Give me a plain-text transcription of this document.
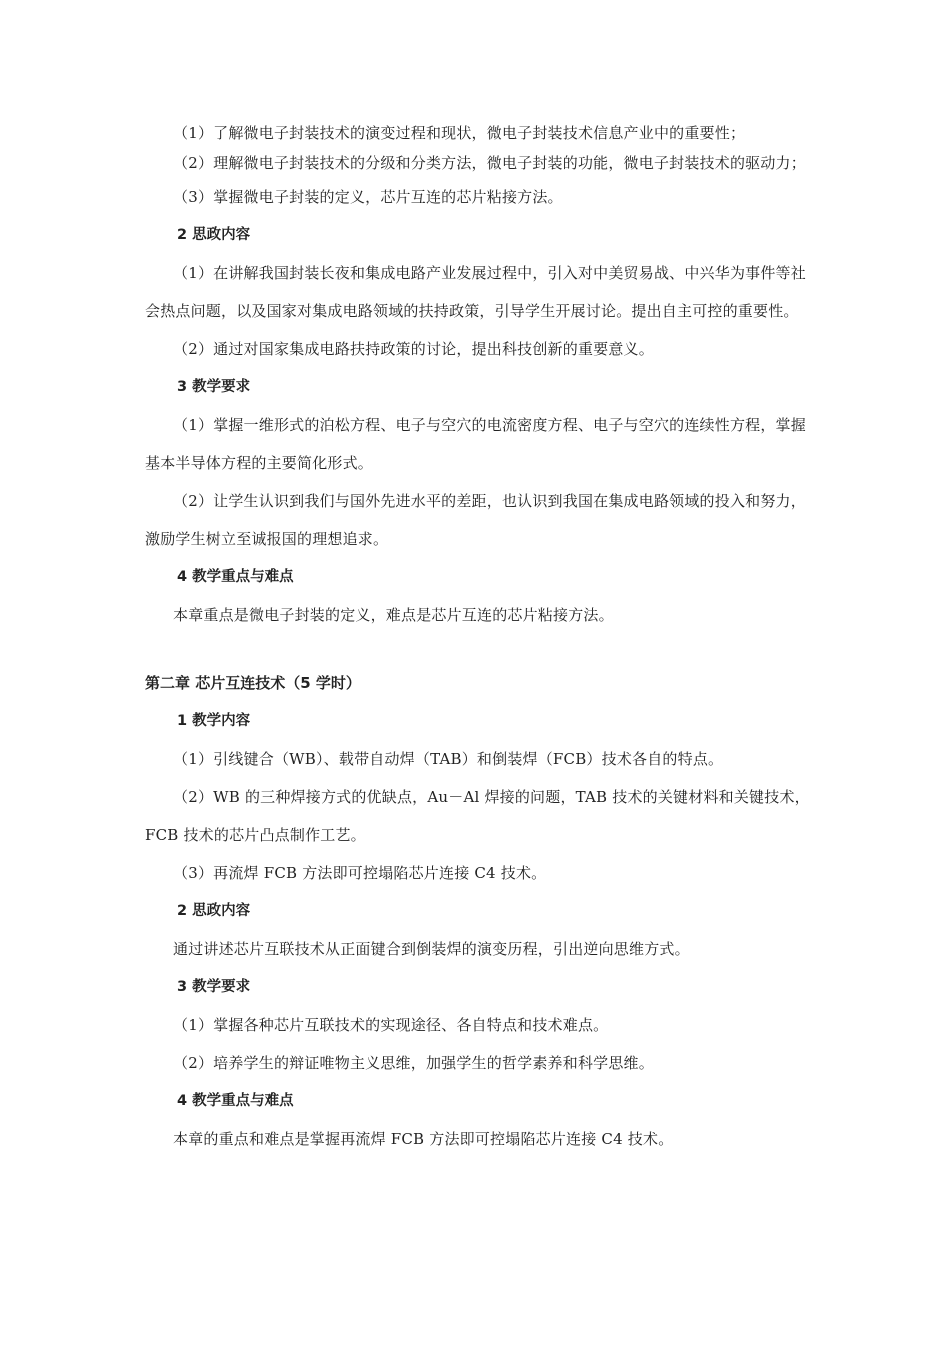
（1）了解微电子封装技术的演变过程和现状，微电子封装技术信息产业中的重要性；

（2）理解微电子封装技术的分级和分类方法，微电子封装的功能，微电子封装技术的驱动力；

（3）掌握微电子封装的定义，芯片互连的芯片粘接方法。

2 思政内容

（1）在讲解我国封装长夜和集成电路产业发展过程中，引入对中美贸易战、中兴华为事件等社会热点问题，以及国家对集成电路领域的扶持政策，引导学生开展讨论。提出自主可控的重要性。

（2）通过对国家集成电路扶持政策的讨论，提出科技创新的重要意义。

3 教学要求

（1）掌握一维形式的泊松方程、电子与空穴的电流密度方程、电子与空穴的连续性方程，掌握基本半导体方程的主要简化形式。

（2）让学生认识到我们与国外先进水平的差距，也认识到我国在集成电路领域的投入和努力，激励学生树立至诚报国的理想追求。

4 教学重点与难点

本章重点是微电子封装的定义，难点是芯片互连的芯片粘接方法。

第二章 芯片互连技术（5 学时）

1 教学内容

（1）引线键合（WB）、载带自动焊（TAB）和倒装焊（FCB）技术各自的特点。

（2）WB 的三种焊接方式的优缺点，Au－Al 焊接的问题，TAB 技术的关键材料和关键技术，FCB 技术的芯片凸点制作工艺。

（3）再流焊 FCB 方法即可控塌陷芯片连接 C4 技术。

2 思政内容

通过讲述芯片互联技术从正面键合到倒装焊的演变历程，引出逆向思维方式。

3 教学要求

（1）掌握各种芯片互联技术的实现途径、各自特点和技术难点。

（2）培养学生的辩证唯物主义思维，加强学生的哲学素养和科学思维。

4 教学重点与难点

本章的重点和难点是掌握再流焊 FCB 方法即可控塌陷芯片连接 C4 技术。
